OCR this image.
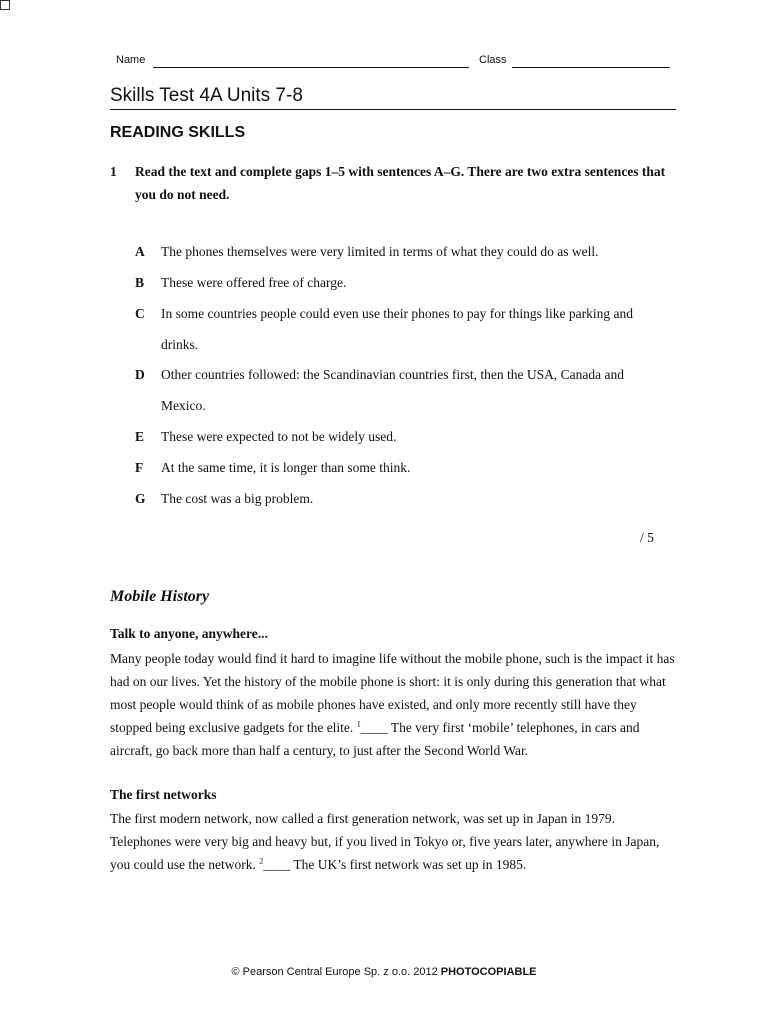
Name	Class
Skills Test 4A Units 7-8
READING SKILLS
1 Read the text and complete gaps 1–5 with sentences A–G. There are two extra sentences that you do not need.
A The phones themselves were very limited in terms of what they could do as well.
B These were offered free of charge.
C In some countries people could even use their phones to pay for things like parking and drinks.
D Other countries followed: the Scandinavian countries first, then the USA, Canada and Mexico.
E These were expected to not be widely used.
F At the same time, it is longer than some think.
G The cost was a big problem.
/ 5
Mobile History
Talk to anyone, anywhere...
Many people today would find it hard to imagine life without the mobile phone, such is the impact it has had on our lives. Yet the history of the mobile phone is short: it is only during this generation that what most people would think of as mobile phones have existed, and only more recently still have they stopped being exclusive gadgets for the elite. $^1$____ The very first ‘mobile’ telephones, in cars and aircraft, go back more than half a century, to just after the Second World War.
The first networks
The first modern network, now called a first generation network, was set up in Japan in 1979. Telephones were very big and heavy but, if you lived in Tokyo or, five years later, anywhere in Japan, you could use the network. $^2$____ The UK’s first network was set up in 1985.
© Pearson Central Europe Sp. z o.o. 2012 PHOTOCOPIABLE
